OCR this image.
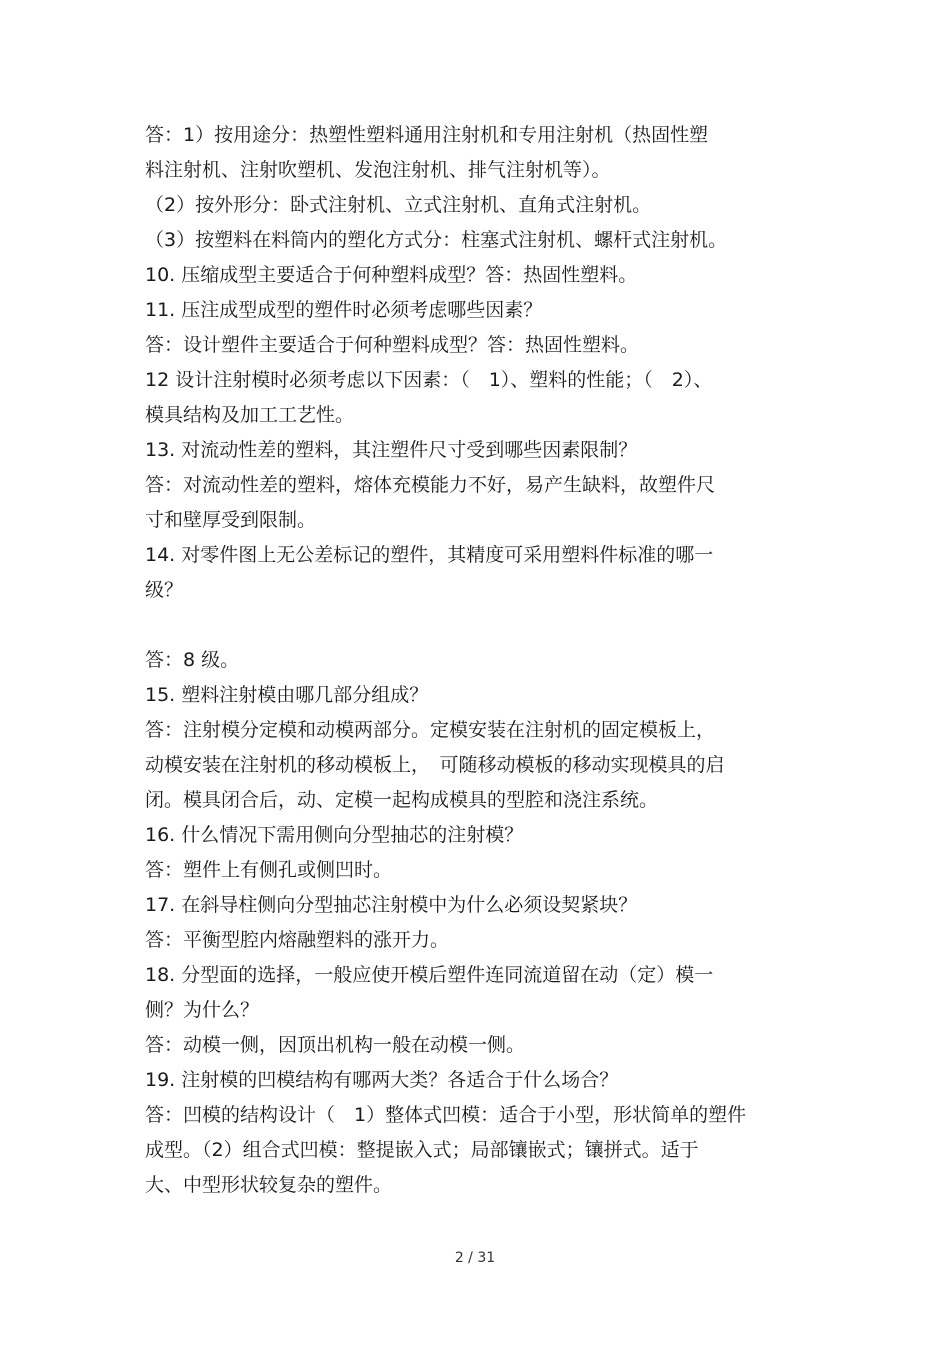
答：1）按用途分：热塑性塑料通用注射机和专用注射机（热固性塑
料注射机、注射吹塑机、发泡注射机、排气注射机等）。
（2）按外形分：卧式注射机、立式注射机、直角式注射机。
（3）按塑料在料筒内的塑化方式分：柱塞式注射机、螺杆式注射机。
10. 压缩成型主要适合于何种塑料成型？答：热固性塑料。
11. 压注成型成型的塑件时必须考虑哪些因素？
答：设计塑件主要适合于何种塑料成型？答：热固性塑料。
12 设计注射模时必须考虑以下因素：（　1）、塑料的性能；（　2）、
模具结构及加工工艺性。
13. 对流动性差的塑料，其注塑件尺寸受到哪些因素限制？
答：对流动性差的塑料，熔体充模能力不好，易产生缺料，故塑件尺
寸和壁厚受到限制。
14. 对零件图上无公差标记的塑件，其精度可采用塑料件标准的哪一
级？
答：8 级。
15. 塑料注射模由哪几部分组成？
答：注射模分定模和动模两部分。定模安装在注射机的固定模板上，
动模安装在注射机的移动模板上，　可随移动模板的移动实现模具的启
闭。模具闭合后，动、定模一起构成模具的型腔和浇注系统。
16. 什么情况下需用侧向分型抽芯的注射模？
答：塑件上有侧孔或侧凹时。
17. 在斜导柱侧向分型抽芯注射模中为什么必须设契紧块？
答：平衡型腔内熔融塑料的涨开力。
18. 分型面的选择，一般应使开模后塑件连同流道留在动（定）模一
侧？为什么？
答：动模一侧，因顶出机构一般在动模一侧。
19. 注射模的凹模结构有哪两大类？各适合于什么场合？
答：凹模的结构设计（　1）整体式凹模：适合于小型，形状简单的塑件
成型。（2）组合式凹模：整提嵌入式；局部镶嵌式；镶拼式。适于
大、中型形状较复杂的塑件。
2 / 31
